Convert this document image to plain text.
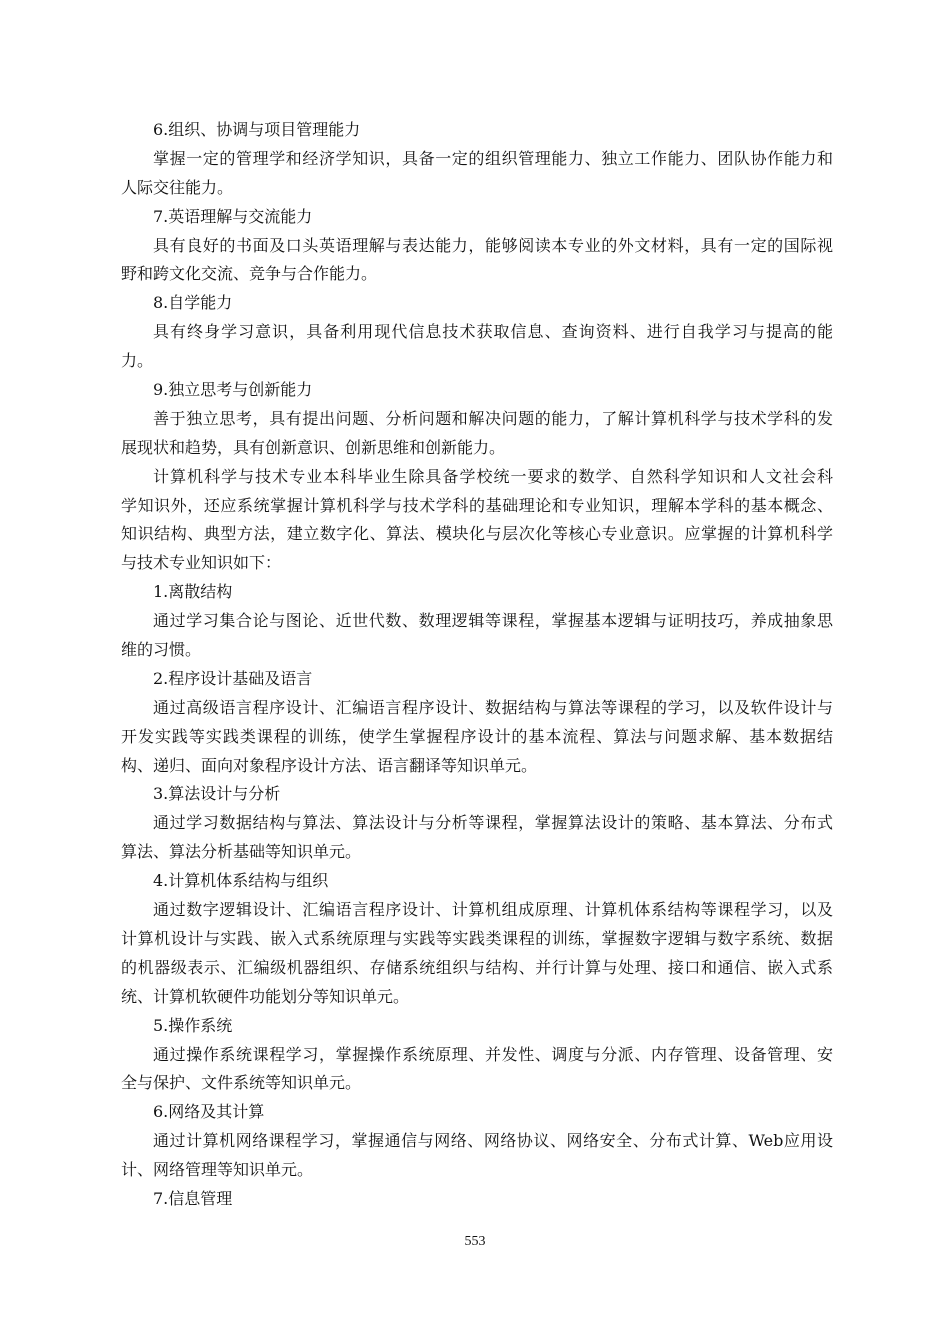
6.组织、协调与项目管理能力
掌握一定的管理学和经济学知识，具备一定的组织管理能力、独立工作能力、团队协作能力和
人际交往能力。
7.英语理解与交流能力
具有良好的书面及口头英语理解与表达能力，能够阅读本专业的外文材料，具有一定的国际视
野和跨文化交流、竞争与合作能力。
8.自学能力
具有终身学习意识，具备利用现代信息技术获取信息、查询资料、进行自我学习与提高的能
力。
9.独立思考与创新能力
善于独立思考，具有提出问题、分析问题和解决问题的能力，了解计算机科学与技术学科的发
展现状和趋势，具有创新意识、创新思维和创新能力。
计算机科学与技术专业本科毕业生除具备学校统一要求的数学、自然科学知识和人文社会科
学知识外，还应系统掌握计算机科学与技术学科的基础理论和专业知识，理解本学科的基本概念、
知识结构、典型方法，建立数字化、算法、模块化与层次化等核心专业意识。应掌握的计算机科学
与技术专业知识如下：
1.离散结构
通过学习集合论与图论、近世代数、数理逻辑等课程，掌握基本逻辑与证明技巧，养成抽象思
维的习惯。
2.程序设计基础及语言
通过高级语言程序设计、汇编语言程序设计、数据结构与算法等课程的学习，以及软件设计与
开发实践等实践类课程的训练，使学生掌握程序设计的基本流程、算法与问题求解、基本数据结
构、递归、面向对象程序设计方法、语言翻译等知识单元。
3.算法设计与分析
通过学习数据结构与算法、算法设计与分析等课程，掌握算法设计的策略、基本算法、分布式
算法、算法分析基础等知识单元。
4.计算机体系结构与组织
通过数字逻辑设计、汇编语言程序设计、计算机组成原理、计算机体系结构等课程学习，以及
计算机设计与实践、嵌入式系统原理与实践等实践类课程的训练，掌握数字逻辑与数字系统、数据
的机器级表示、汇编级机器组织、存储系统组织与结构、并行计算与处理、接口和通信、嵌入式系
统、计算机软硬件功能划分等知识单元。
5.操作系统
通过操作系统课程学习，掌握操作系统原理、并发性、调度与分派、内存管理、设备管理、安
全与保护、文件系统等知识单元。
6.网络及其计算
通过计算机网络课程学习，掌握通信与网络、网络协议、网络安全、分布式计算、Web应用设
计、网络管理等知识单元。
7.信息管理
553
